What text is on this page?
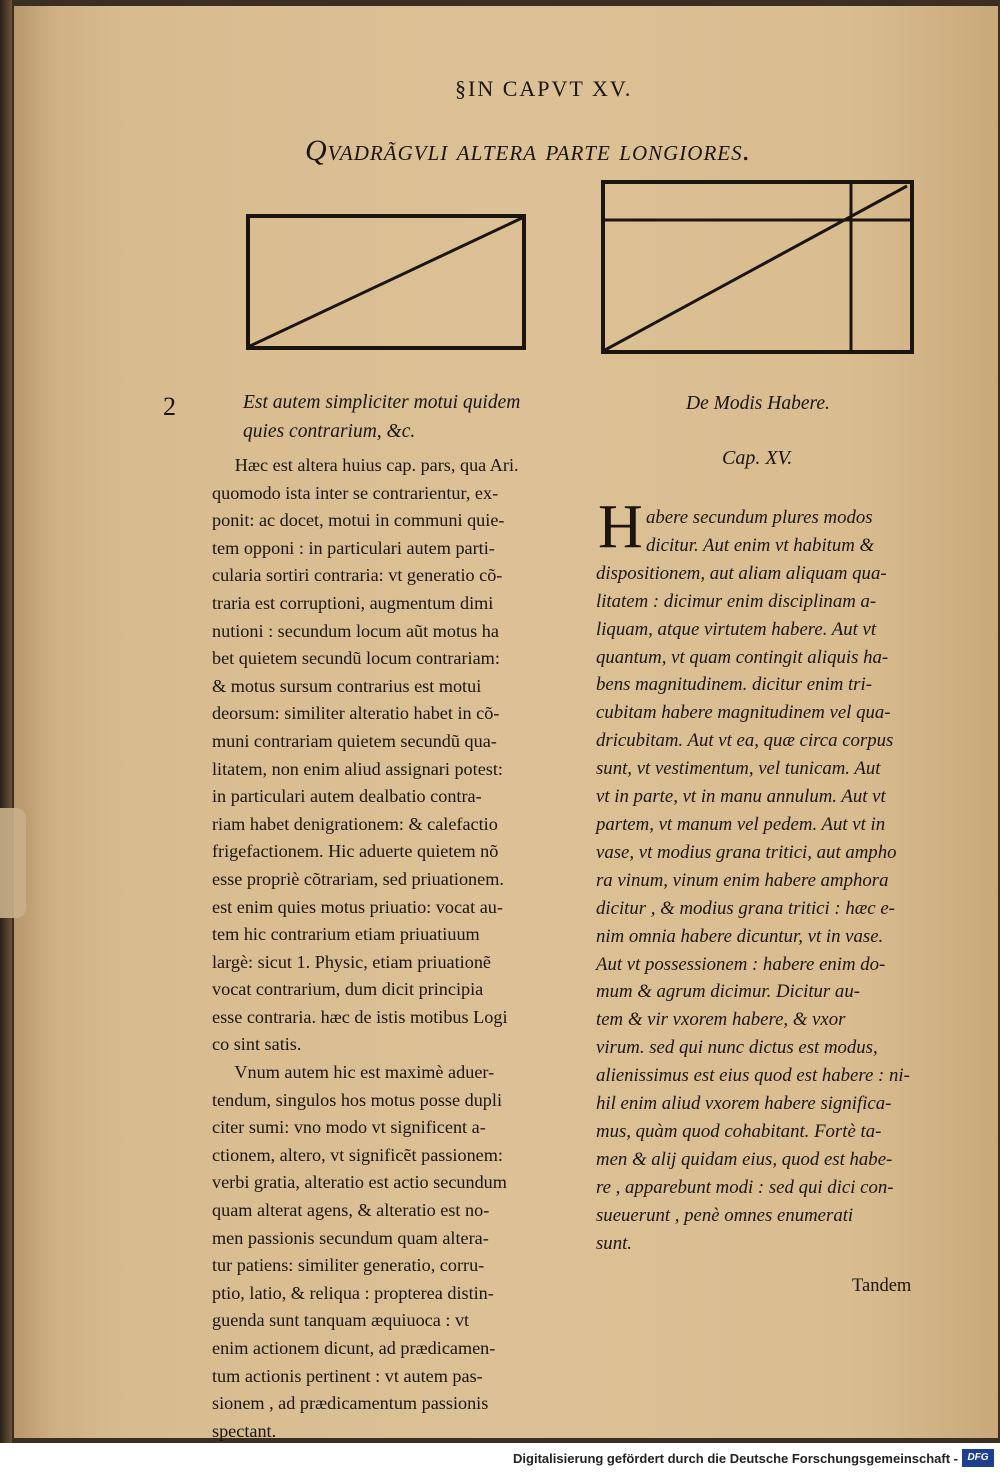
§IN CAPVT XV.
Qvadrãgvli altera parte longiores.
2	Est autem simpliciter motui quidem
quies contrarium, &c.
Hæc est altera huius cap. pars, qua Ari.
quomodo ista inter se contrarientur, ex-
ponit: ac docet, motui in communi quie-
tem opponi : in particulari autem parti-
cularia sortiri contraria: vt generatio cõ-
traria est corruptioni, augmentum dimi
nutioni : secundum locum aũt motus ha
bet quietem secundũ locum contrariam:
& motus sursum contrarius est motui
deorsum: similiter alteratio habet in cõ-
muni contrariam quietem secundũ qua-
litatem, non enim aliud assignari potest:
in particulari autem dealbatio contra-
riam habet denigrationem: & calefactio
frigefactionem. Hic aduerte quietem nõ
esse propriè cõtrariam, sed priuationem.
est enim quies motus priuatio: vocat au-
tem hic contrarium etiam priuatiuum
largè: sicut 1. Physic, etiam priuationẽ
vocat contrarium, dum dicit principia
esse contraria. hæc de istis motibus Logi
co sint satis.
Vnum autem hic est maximè aduer-
tendum, singulos hos motus posse dupli
citer sumi: vno modo vt significent a-
ctionem, altero, vt significẽt passionem:
verbi gratia, alteratio est actio secundum
quam alterat agens, & alteratio est no-
men passionis secundum quam altera-
tur patiens: similiter generatio, corru-
ptio, latio, & reliqua : propterea distin-
guenda sunt tanquam æquiuoca : vt
enim actionem dicunt, ad prædicamen-
tum actionis pertinent : vt autem pas-
sionem , ad prædicamentum passionis
spectant.
De Modis Habere.
Cap. XV.
H abere secundum plures modos
dicitur. Aut enim vt habitum &
dispositionem, aut aliam aliquam qua-
litatem : dicimur enim disciplinam a-
liquam, atque virtutem habere. Aut vt
quantum, vt quam contingit aliquis ha-
bens magnitudinem. dicitur enim tri-
cubitam habere magnitudinem vel qua-
dricubitam. Aut vt ea, quæ circa corpus
sunt, vt vestimentum, vel tunicam. Aut
vt in parte, vt in manu annulum. Aut vt
partem, vt manum vel pedem. Aut vt in
vase, vt modius grana tritici, aut ampho
ra vinum, vinum enim habere amphora
dicitur , & modius grana tritici : hæc e-
nim omnia habere dicuntur, vt in vase.
Aut vt possessionem : habere enim do-
mum & agrum dicimur. Dicitur au-
tem & vir vxorem habere, & vxor
virum. sed qui nunc dictus est modus,
alienissimus est eius quod est habere : ni-
hil enim aliud vxorem habere significa-
mus, quàm quod cohabitant. Fortè ta-
men & alij quidam eius, quod est habe-
re , apparebunt modi : sed qui dici con-
sueuerunt , penè omnes enumerati
sunt.
Tandem
Digitalisierung gefördert durch die Deutsche Forschungsgemeinschaft - DFG
